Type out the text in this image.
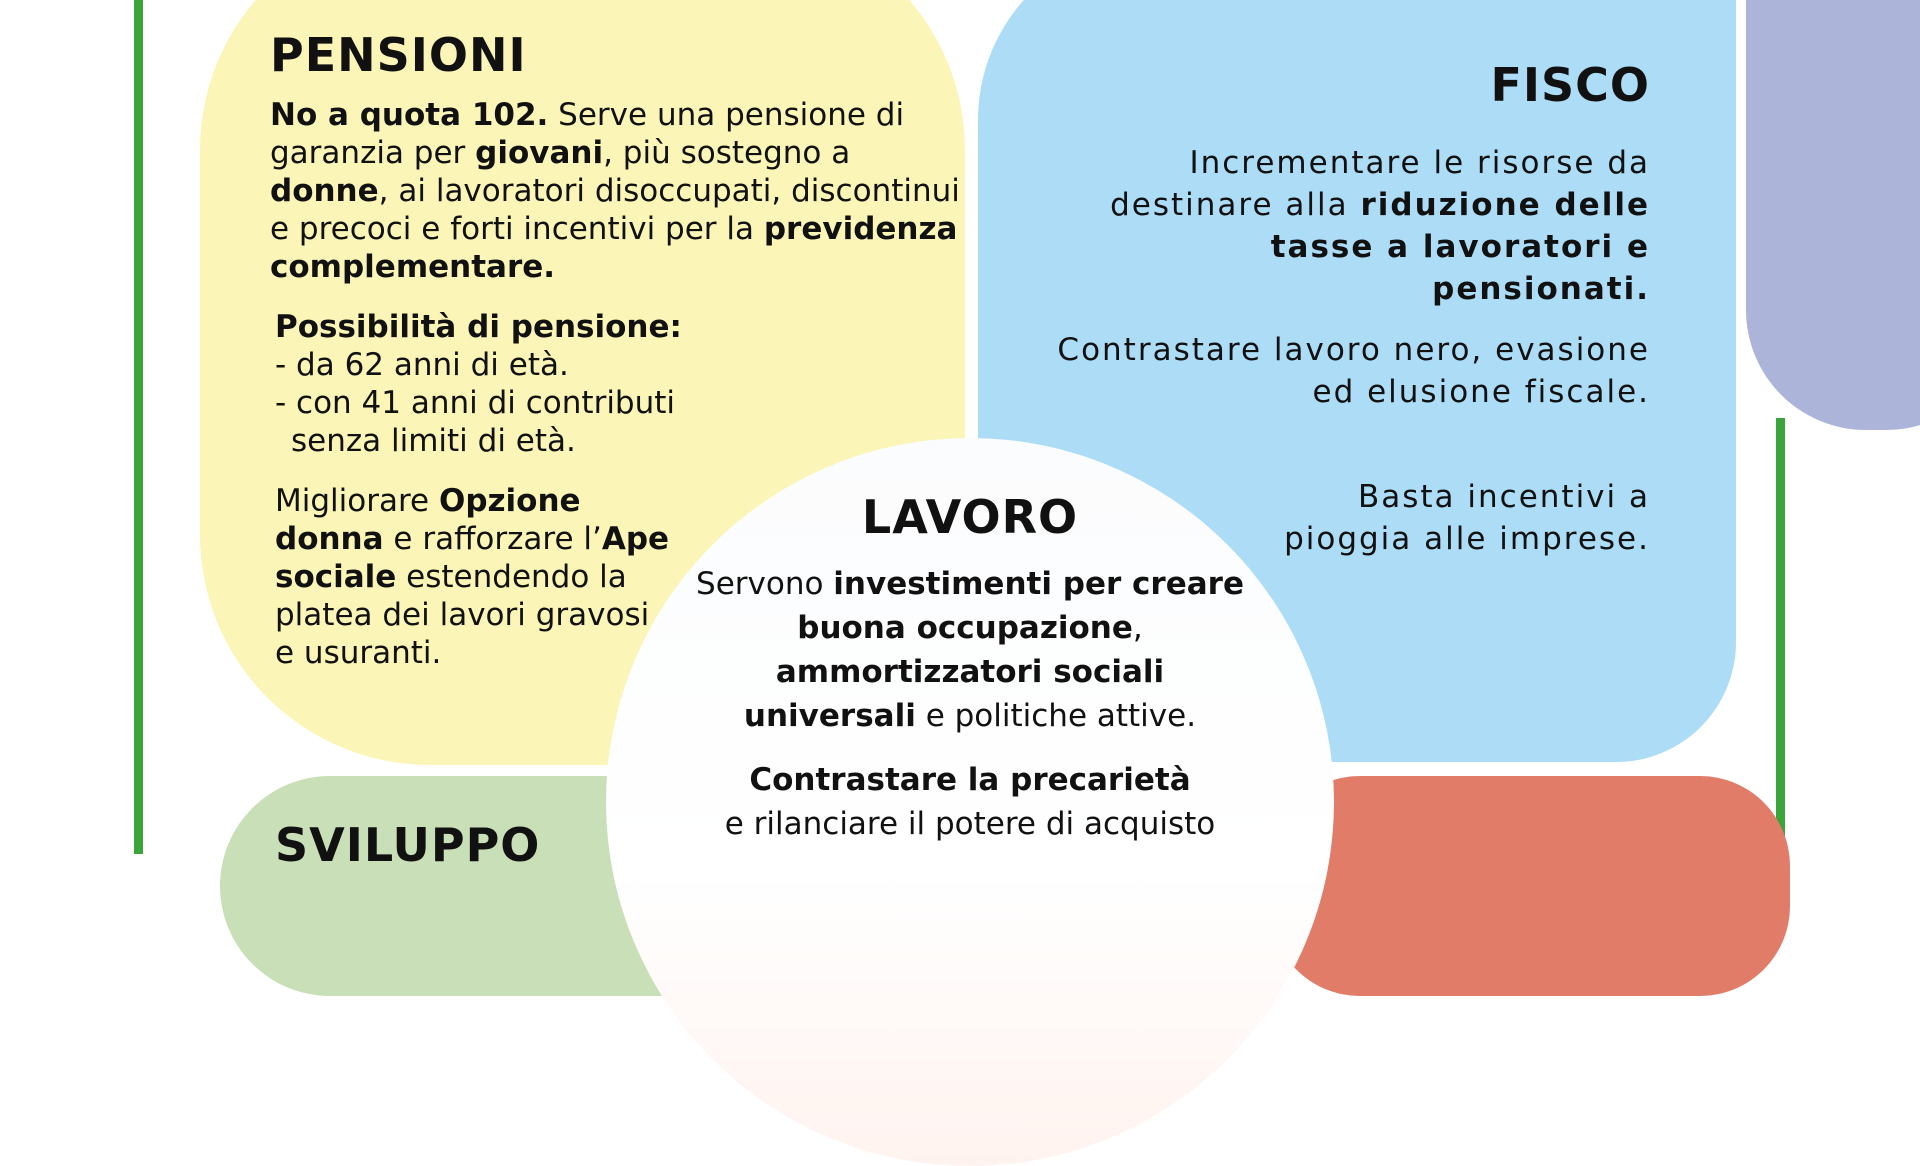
PENSIONI

No a quota 102. Serve una pensione di garanzia per giovani, più sostegno a donne, ai lavoratori disoccupati, discontinui e precoci e forti incentivi per la previdenza complementare.

Possibilità di pensione:
- da 62 anni di età.
- con 41 anni di contributi
senza limiti di età.

Migliorare Opzione donna e rafforzare l’Ape sociale estendendo la platea dei lavori gravosi e usuranti.

FISCO

Incrementare le risorse da destinare alla riduzione delle tasse a lavoratori e pensionati.

Contrastare lavoro nero, evasione ed elusione fiscale.

Basta incentivi a pioggia alle imprese.

LAVORO

Servono investimenti per creare buona occupazione, ammortizzatori sociali universali e politiche attive.

Contrastare la precarietà
e rilanciare il potere di acquisto

SVILUPPO
